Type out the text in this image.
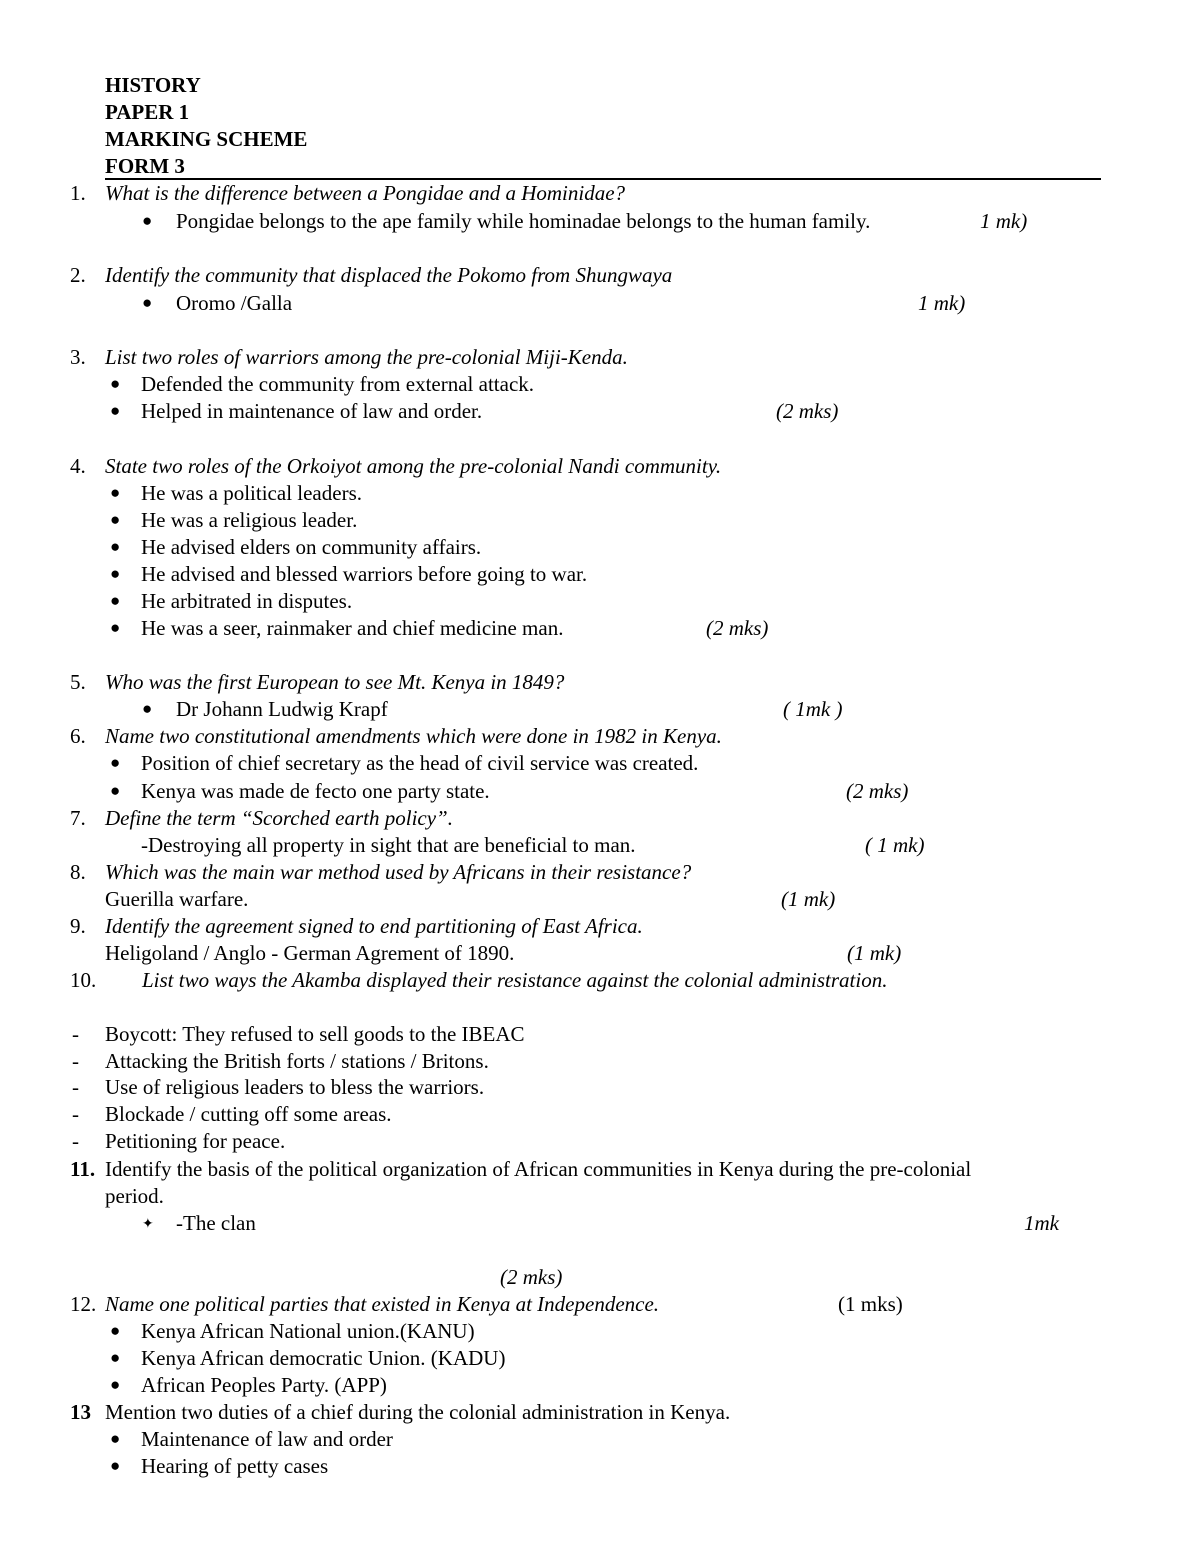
HISTORY
PAPER 1
MARKING SCHEME
FORM 3
1. What is the difference between a Pongidae and a Hominidae?
● Pongidae belongs to the ape family while hominadae belongs to the human family.	1 mk)
2. Identify the community that displaced the Pokomo from Shungwaya
● Oromo /Galla	1 mk)
3. List two roles of warriors among the pre-colonial Miji-Kenda.
● Defended the community from external attack.
● Helped in maintenance of law and order.	(2 mks)
4. State two roles of the Orkoiyot among the pre-colonial Nandi community.
● He was a political leaders.
● He was a religious leader.
● He advised elders on community affairs.
● He advised and blessed warriors before going to war.
● He arbitrated in disputes.
● He was a seer, rainmaker and chief medicine man.	(2 mks)
5. Who was the first European to see Mt. Kenya in 1849?
● Dr Johann Ludwig Krapf	( 1mk )
6. Name two constitutional amendments which were done in 1982 in Kenya.
● Position of chief secretary as the head of civil service was created.
● Kenya was made de fecto one party state.	(2 mks)
7. Define the term “Scorched earth policy”.
-Destroying all property in sight that are beneficial to man.	( 1 mk)
8. Which was the main war method used by Africans in their resistance?
Guerilla warfare.	(1 mk)
9. Identify the agreement signed to end partitioning of East Africa.
Heligoland / Anglo - German Agrement of 1890.	(1 mk)
10. List two ways the Akamba displayed their resistance against the colonial administration.
- Boycott: They refused to sell goods to the IBEAC
- Attacking the British forts / stations / Britons.
- Use of religious leaders to bless the warriors.
- Blockade / cutting off some areas.
- Petitioning for peace.
11. Identify the basis of the political organization of African communities in Kenya during the pre-colonial
period.
✦ -The clan	1mk
(2 mks)
12. Name one political parties that existed in Kenya at Independence.	(1 mks)
● Kenya African National union.(KANU)
● Kenya African democratic Union. (KADU)
● African Peoples Party. (APP)
13 Mention two duties of a chief during the colonial administration in Kenya.
● Maintenance of law and order
● Hearing of petty cases
